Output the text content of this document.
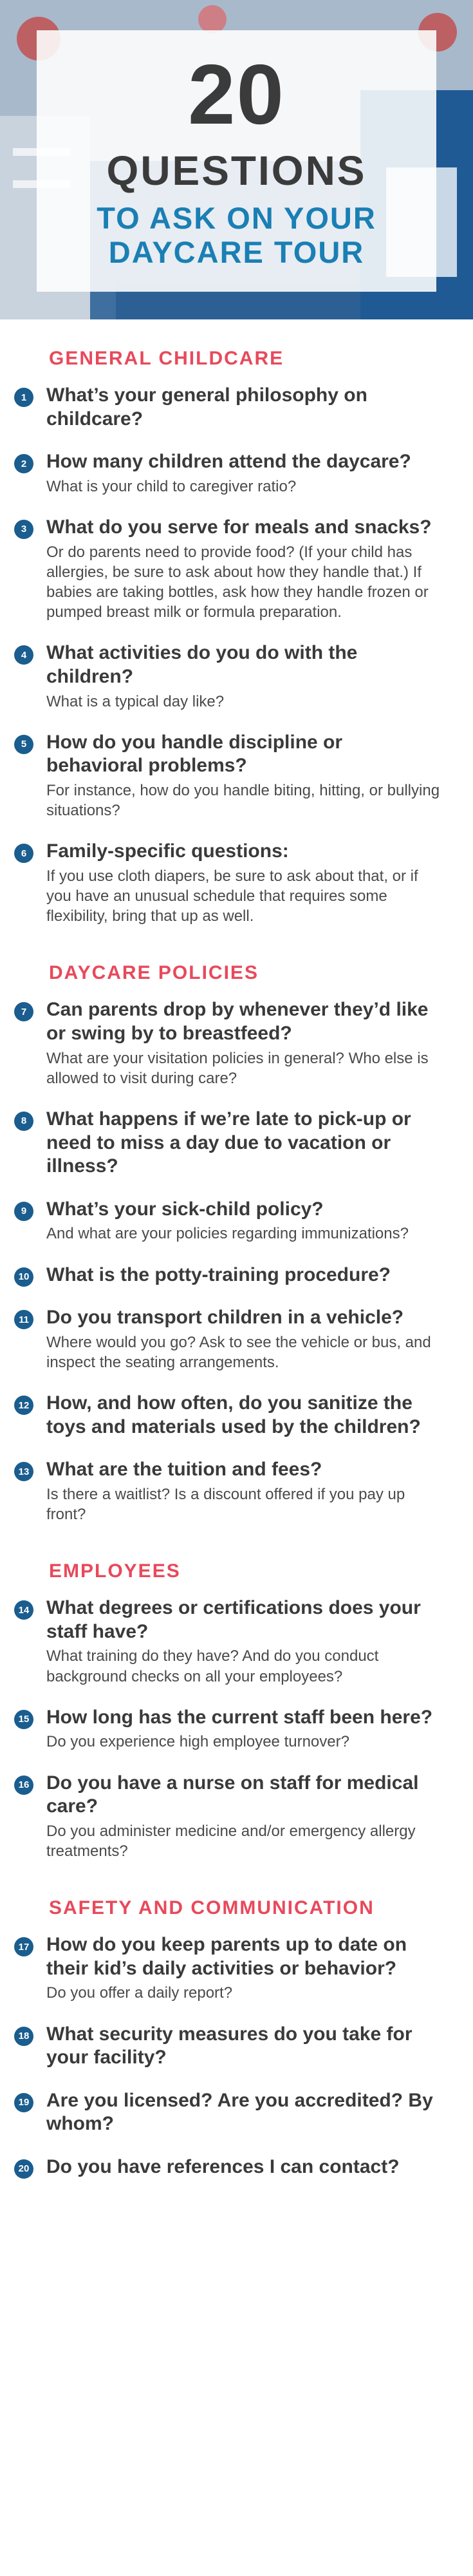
20
QUESTIONS
TO ASK ON YOUR
DAYCARE TOUR
GENERAL CHILDCARE
1	What’s your general philosophy on childcare?
2	How many children attend the daycare?
What is your child to caregiver ratio?
3	What do you serve for meals and snacks?
Or do parents need to provide food? (If your child has allergies, be sure to ask about how they handle that.) If babies are taking bottles, ask how they handle frozen or pumped breast milk or formula preparation.
4	What activities do you do with the children?
What is a typical day like?
5	How do you handle discipline or behavioral problems?
For instance, how do you handle biting, hitting, or bullying situations?
6	Family-specific questions:
If you use cloth diapers, be sure to ask about that, or if you have an unusual schedule that requires some flexibility, bring that up as well.
DAYCARE POLICIES
7	Can parents drop by whenever they’d like or swing by to breastfeed?
What are your visitation policies in general? Who else is allowed to visit during care?
8	What happens if we’re late to pick-up or need to miss a day due to vacation or illness?
9	What’s your sick-child policy?
And what are your policies regarding immunizations?
10 What is the potty-training procedure?
11 Do you transport children in a vehicle?
Where would you go? Ask to see the vehicle or bus, and inspect the seating arrangements.
12 How, and how often, do you sanitize the toys and materials used by the children?
13 What are the tuition and fees?
Is there a waitlist? Is a discount offered if you pay up front?
EMPLOYEES
14 What degrees or certifications does your staff have?
What training do they have? And do you conduct background checks on all your employees?
15 How long has the current staff been here?
Do you experience high employee turnover?
16 Do you have a nurse on staff for medical care?
Do you administer medicine and/or emergency allergy treatments?
SAFETY AND COMMUNICATION
17 How do you keep parents up to date on their kid’s daily activities or behavior?
Do you offer a daily report?
18 What security measures do you take for your facility?
19 Are you licensed? Are you accredited? By whom?
20 Do you have references I can contact?
